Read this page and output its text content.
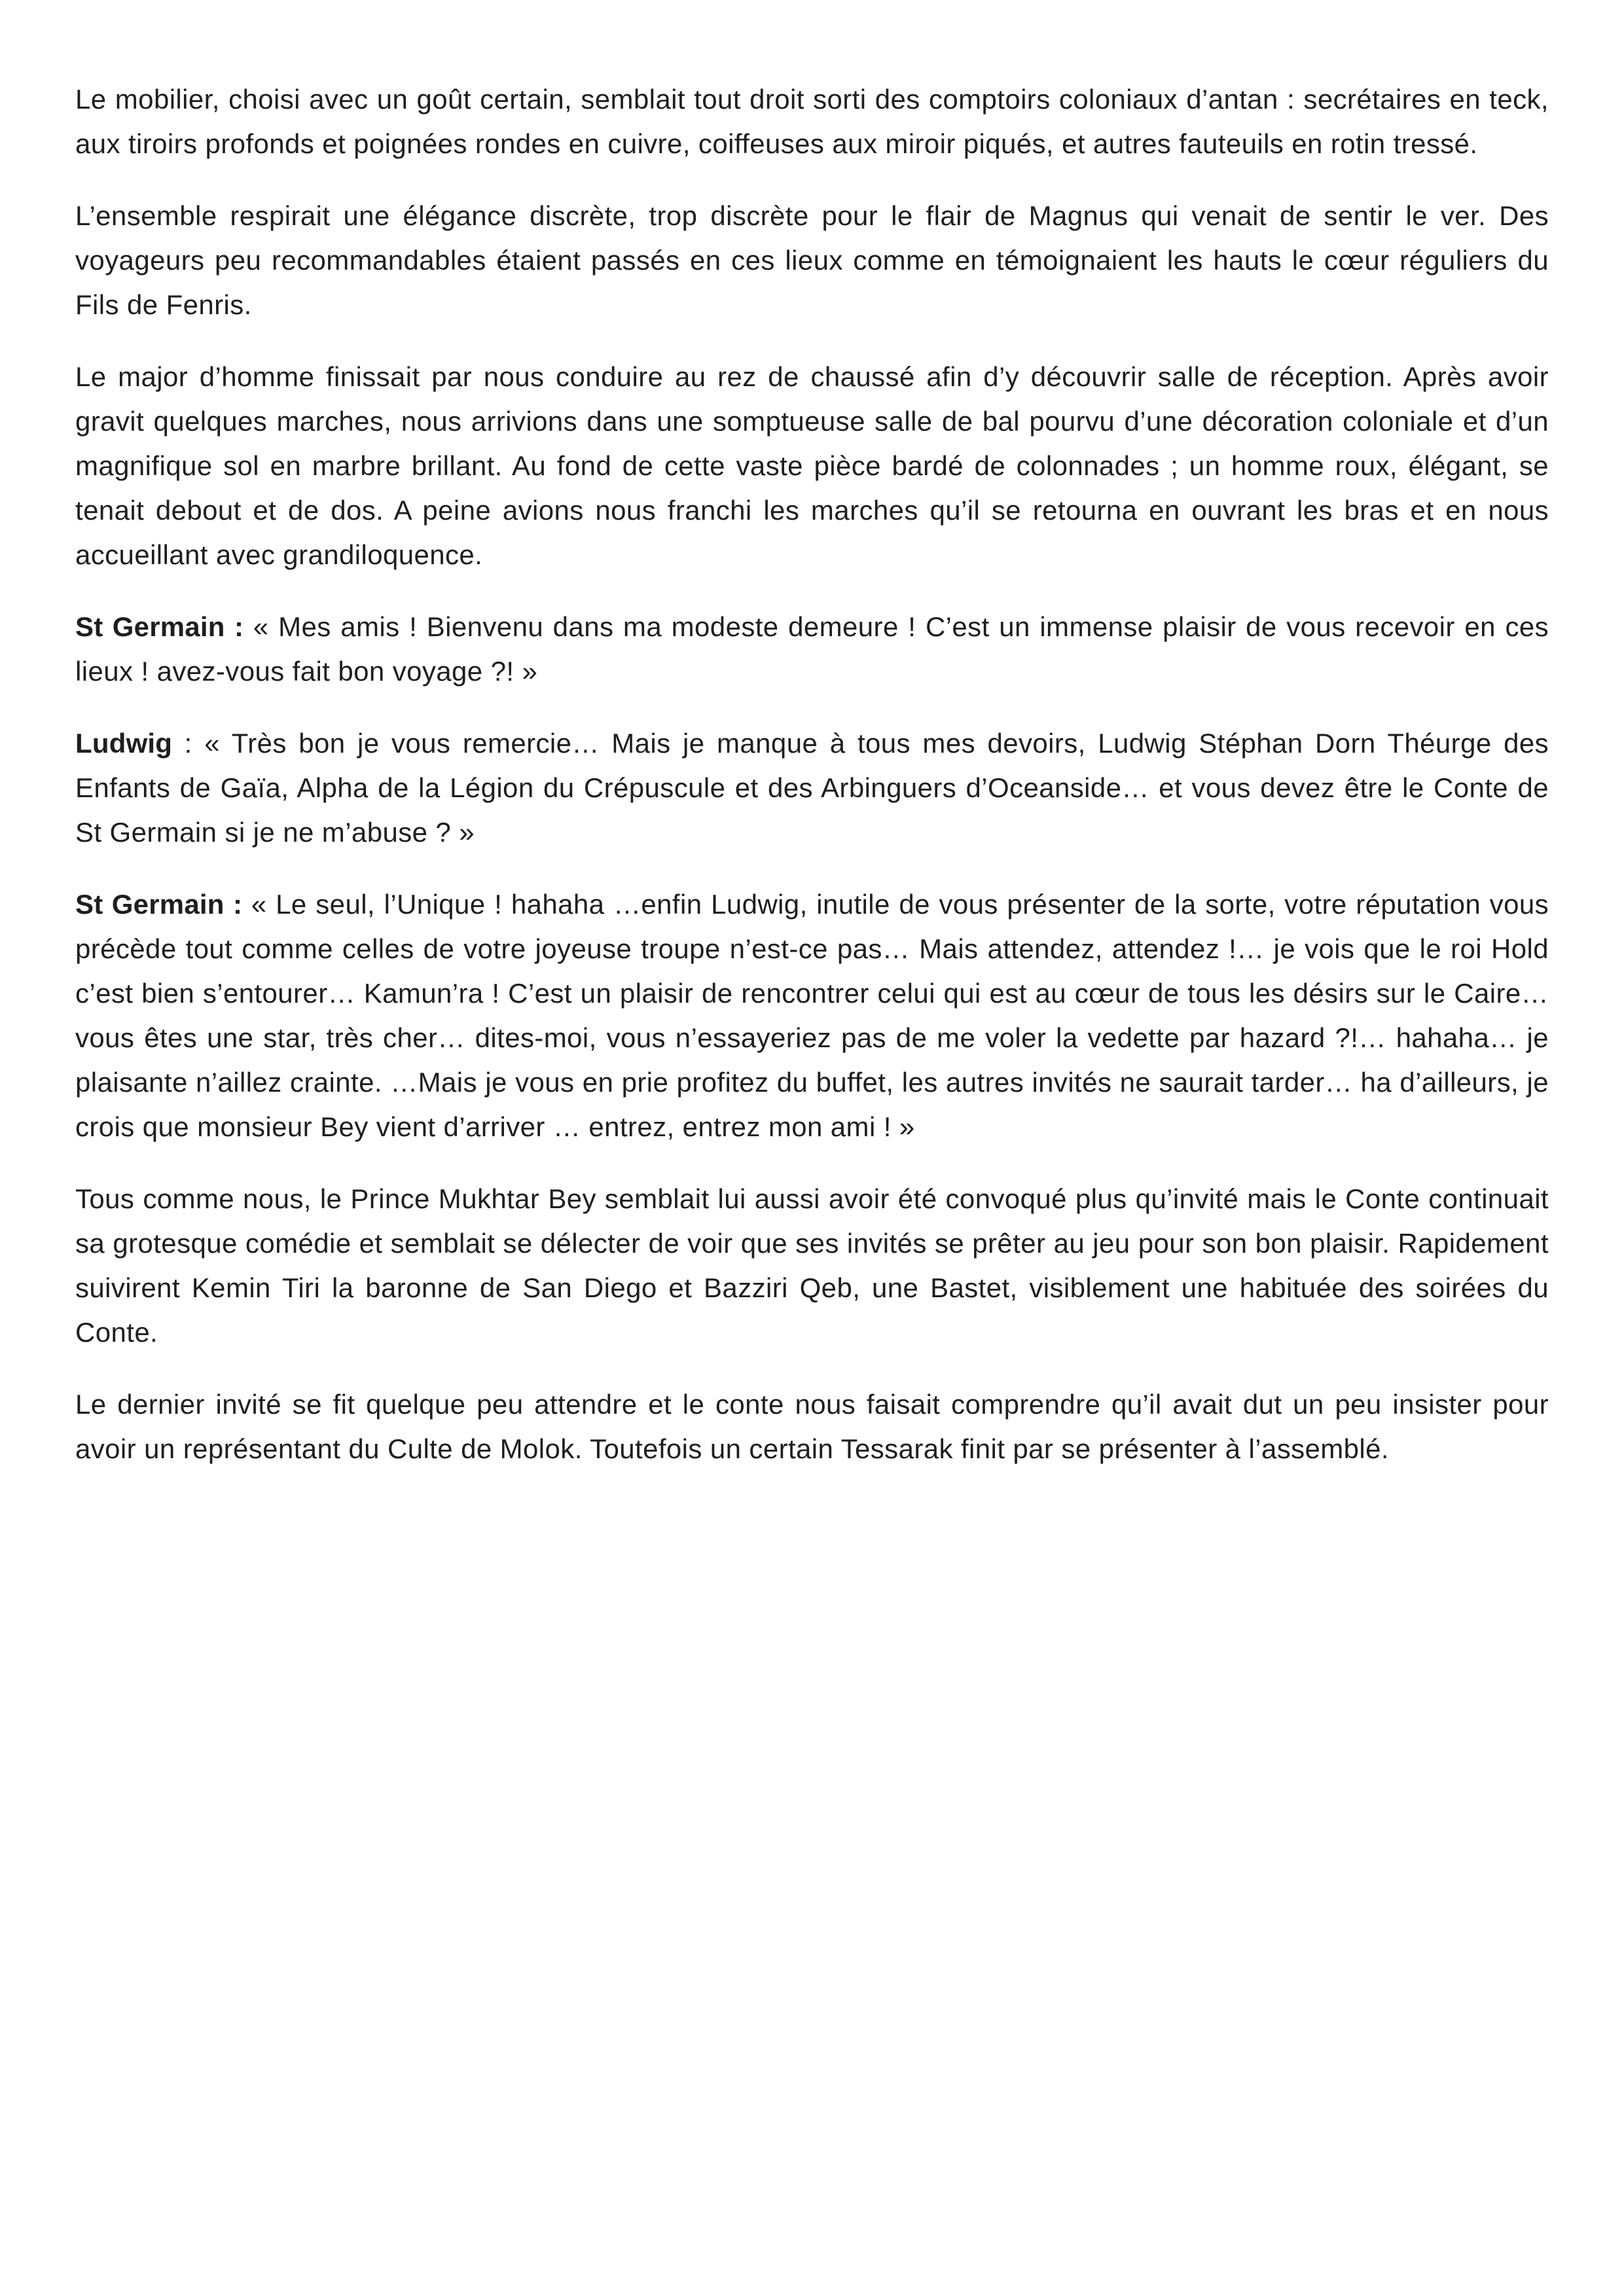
Le mobilier, choisi avec un goût certain, semblait tout droit sorti des comptoirs coloniaux d’antan : secrétaires en teck, aux tiroirs profonds et poignées rondes en cuivre, coiffeuses aux miroir piqués, et autres fauteuils en rotin tressé.

L’ensemble respirait une élégance discrète, trop discrète pour le flair de Magnus qui venait de sentir le ver. Des voyageurs peu recommandables étaient passés en ces lieux comme en témoignaient les hauts le cœur réguliers du Fils de Fenris.

Le major d’homme finissait par nous conduire au rez de chaussé afin d’y découvrir salle de réception. Après avoir gravit quelques marches, nous arrivions dans une somptueuse salle de bal pourvu d’une décoration coloniale et d’un magnifique sol en marbre brillant. Au fond de cette vaste pièce bardé de colonnades ; un homme roux, élégant, se tenait debout et de dos. A peine avions nous franchi les marches qu’il se retourna en ouvrant les bras et en nous accueillant avec grandiloquence.

St Germain : « Mes amis ! Bienvenu dans ma modeste demeure ! C’est un immense plaisir de vous recevoir en ces lieux ! avez-vous fait bon voyage ?! »

Ludwig : « Très bon je vous remercie… Mais je manque à tous mes devoirs, Ludwig Stéphan Dorn Théurge des Enfants de Gaïa, Alpha de la Légion du Crépuscule et des Arbinguers d’Oceanside… et vous devez être le Conte de St Germain si je ne m’abuse ? »

St Germain : « Le seul, l’Unique ! hahaha …enfin Ludwig, inutile de vous présenter de la sorte, votre réputation vous précède tout comme celles de votre joyeuse troupe n’est-ce pas… Mais attendez, attendez !… je vois que le roi Hold c’est bien s’entourer… Kamun’ra ! C’est un plaisir de rencontrer celui qui est au cœur de tous les désirs sur le Caire… vous êtes une star, très cher… dites-moi, vous n’essayeriez pas de me voler la vedette par hazard ?!… hahaha… je plaisante n’aillez crainte. …Mais je vous en prie profitez du buffet, les autres invités ne saurait tarder… ha d’ailleurs, je crois que monsieur Bey vient d’arriver … entrez, entrez mon ami ! »

Tous comme nous, le Prince Mukhtar Bey semblait lui aussi avoir été convoqué plus qu’invité mais le Conte continuait sa grotesque comédie et semblait se délecter de voir que ses invités se prêter au jeu pour son bon plaisir. Rapidement suivirent Kemin Tiri la baronne de San Diego et Bazziri Qeb, une Bastet, visiblement une habituée des soirées du Conte.

Le dernier invité se fit quelque peu attendre et le conte nous faisait comprendre qu’il avait dut un peu insister pour avoir un représentant du Culte de Molok. Toutefois un certain Tessarak finit par se présenter à l’assemblé.
